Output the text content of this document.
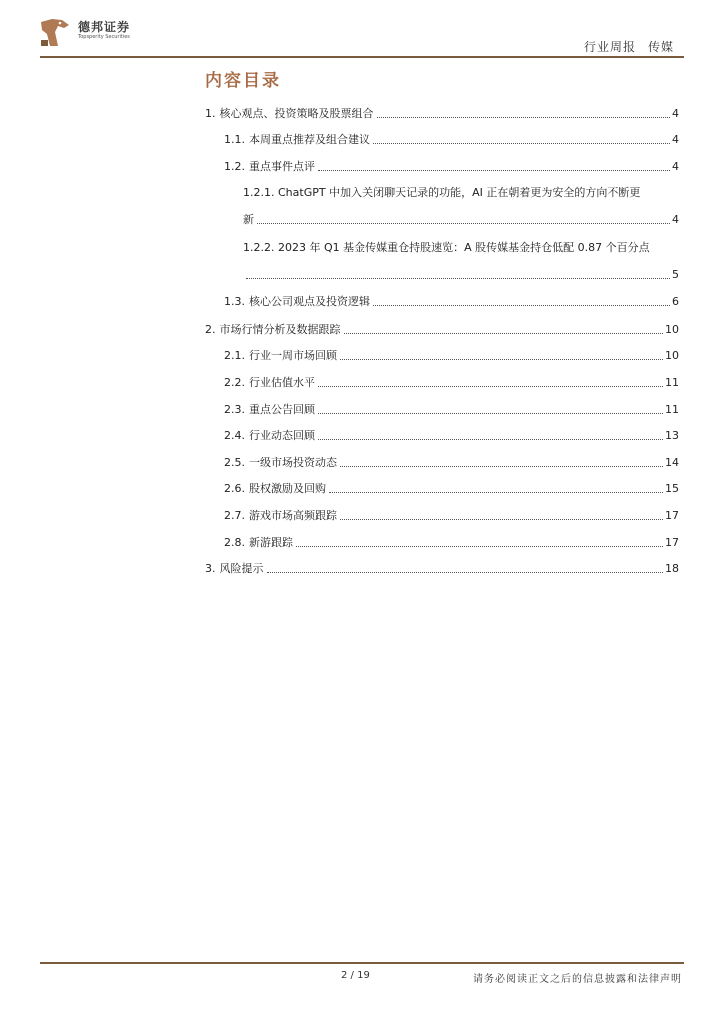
德邦证券
Topsperity Securities
行业周报 传媒
内容目录
1. 核心观点、投资策略及股票组合	4
1.1. 本周重点推荐及组合建议	4
1.2. 重点事件点评	4
1.2.1. ChatGPT 中加入关闭聊天记录的功能，AI 正在朝着更为安全的方向不断更
新	4
1.2.2. 2023 年 Q1 基金传媒重仓持股速览：A 股传媒基金持仓低配 0.87 个百分点
5
1.3. 核心公司观点及投资逻辑	6
2. 市场行情分析及数据跟踪	10
2.1. 行业一周市场回顾	10
2.2. 行业估值水平	11
2.3. 重点公告回顾	11
2.4. 行业动态回顾	13
2.5. 一级市场投资动态	14
2.6. 股权激励及回购	15
2.7. 游戏市场高频跟踪	17
2.8. 新游跟踪	17
3. 风险提示	18
2 / 19	请务必阅读正文之后的信息披露和法律声明
